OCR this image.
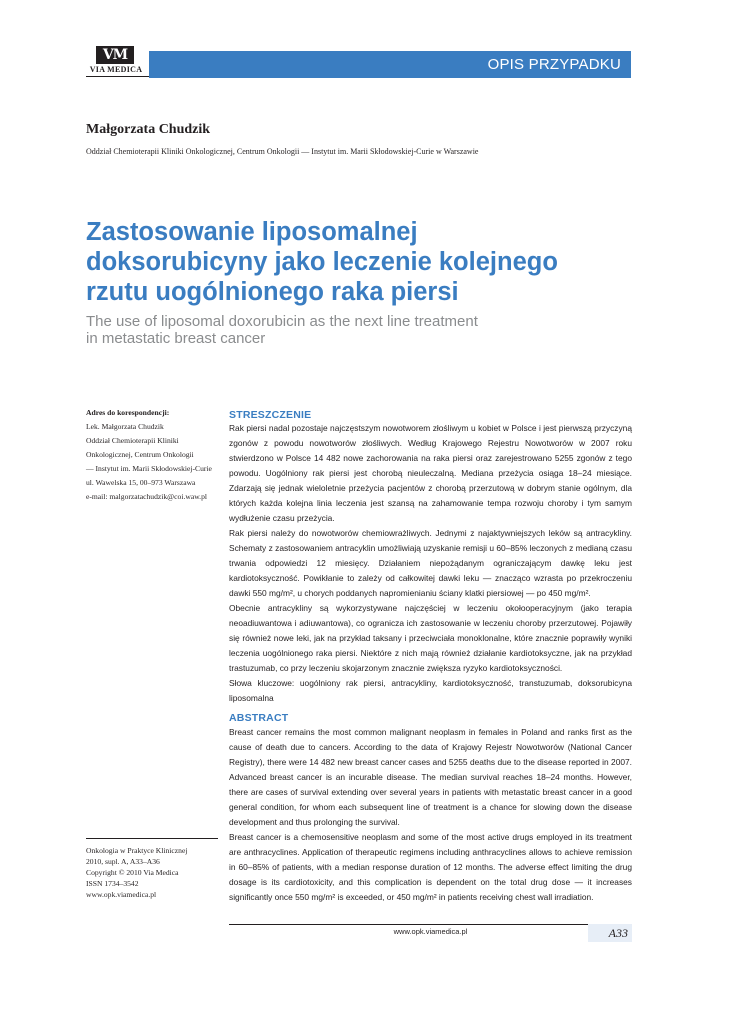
VM
VIA MEDICA	OPIS PRZYPADKU
Małgorzata Chudzik
Oddział Chemioterapii Kliniki Onkologicznej, Centrum Onkologii — Instytut im. Marii Skłodowskiej-Curie w Warszawie
Zastosowanie liposomalnej
doksorubicyny jako leczenie kolejnego
rzutu uogólnionego raka piersi
The use of liposomal doxorubicin as the next line treatment
in metastatic breast cancer
Adres do korespondencji:
Lek. Małgorzata Chudzik
Oddział Chemioterapii Kliniki
Onkologicznej, Centrum Onkologii
— Instytut im. Marii Skłodowskiej-Curie
ul. Wawelska 15, 00–973 Warszawa
e-mail: malgorzatachudzik@coi.waw.pl
Onkologia w Praktyce Klinicznej
2010, supl. A, A33–A36
Copyright © 2010 Via Medica
ISSN 1734–3542
www.opk.viamedica.pl
STRESZCZENIE

Rak piersi nadal pozostaje najczęstszym nowotworem złośliwym u kobiet w Polsce i jest pierwszą przyczyną zgonów z powodu nowotworów złośliwych. Według Krajowego Rejestru Nowotworów w 2007 roku stwierdzono w Polsce 14 482 nowe zachorowania na raka piersi oraz zarejestrowano 5255 zgonów z tego powodu. Uogólniony rak piersi jest chorobą nieuleczalną. Mediana przeżycia osiąga 18–24 miesiące. Zdarzają się jednak wieloletnie przeżycia pacjentów z chorobą przerzutową w dobrym stanie ogólnym, dla których każda kolejna linia leczenia jest szansą na zahamowanie tempa rozwoju choroby i tym samym wydłużenie czasu przeżycia.

Rak piersi należy do nowotworów chemiowrażliwych. Jednymi z najaktywniejszych leków są antracykliny. Schematy z zastosowaniem antracyklin umożliwiają uzyskanie remisji u 60–85% leczonych z medianą czasu trwania odpowiedzi 12 miesięcy. Działaniem niepożądanym ograniczającym dawkę leku jest kardiotoksyczność. Powikłanie to zależy od całkowitej dawki leku — znacząco wzrasta po przekroczeniu dawki 550 mg/m², u chorych poddanych napromienianiu ściany klatki piersiowej — po 450 mg/m².

Obecnie antracykliny są wykorzystywane najczęściej w leczeniu okołooperacyjnym (jako terapia neoadiuwantowa i adiuwantowa), co ogranicza ich zastosowanie w leczeniu choroby przerzutowej. Pojawiły się również nowe leki, jak na przykład taksany i przeciwciała monoklonalne, które znacznie poprawiły wyniki leczenia uogólnionego raka piersi. Niektóre z nich mają również działanie kardiotoksyczne, jak na przykład trastuzumab, co przy leczeniu skojarzonym znacznie zwiększa ryzyko kardiotoksyczności.

Słowa kluczowe: uogólniony rak piersi, antracykliny, kardiotoksyczność, transtuzumab, doksorubicyna liposomalna

ABSTRACT

Breast cancer remains the most common malignant neoplasm in females in Poland and ranks first as the cause of death due to cancers. According to the data of Krajowy Rejestr Nowotworów (National Cancer Registry), there were 14 482 new breast cancer cases and 5255 deaths due to the disease reported in 2007. Advanced breast cancer is an incurable disease. The median survival reaches 18–24 months. However, there are cases of survival extending over several years in patients with metastatic breast cancer in a good general condition, for whom each subsequent line of treatment is a chance for slowing down the disease development and thus prolonging the survival.

Breast cancer is a chemosensitive neoplasm and some of the most active drugs employed in its treatment are anthracyclines. Application of therapeutic regimens including anthracyclines allows to achieve remission in 60–85% of patients, with a median response duration of 12 months. The adverse effect limiting the drug dosage is its cardiotoxicity, and this complication is dependent on the total drug dose — it increases significantly once 550 mg/m² is exceeded, or 450 mg/m² in patients receiving chest wall irradiation.

www.opk.viamedica.pl	A33
